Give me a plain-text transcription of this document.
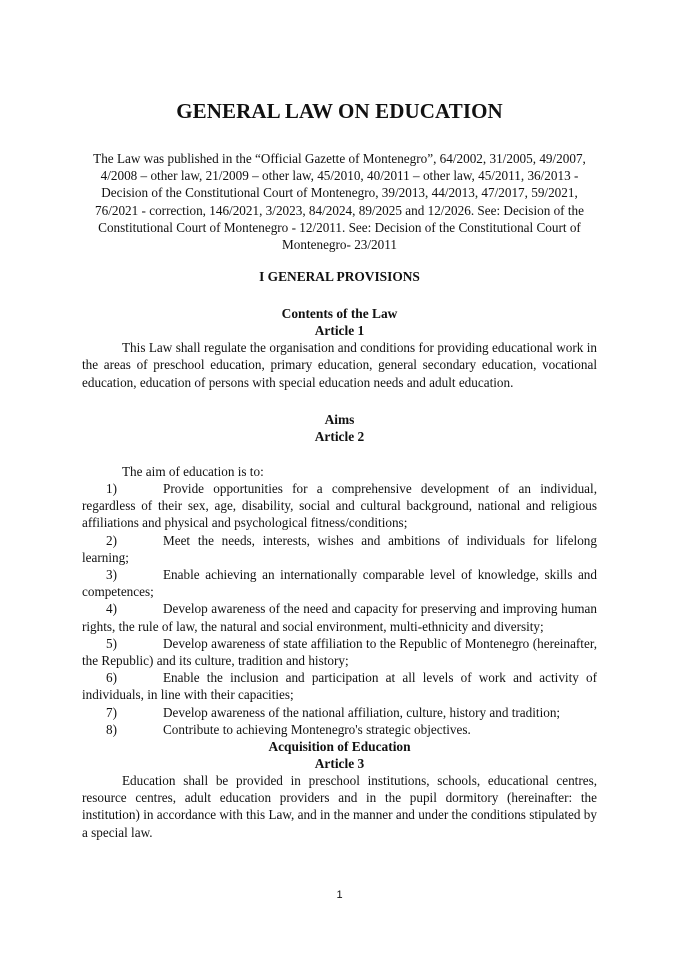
GENERAL LAW ON EDUCATION

The Law was published in the “Official Gazette of Montenegro”, 64/2002, 31/2005, 49/2007, 4/2008 – other law, 21/2009 – other law, 45/2010, 40/2011 – other law, 45/2011, 36/2013 - Decision of the Constitutional Court of Montenegro, 39/2013, 44/2013, 47/2017, 59/2021, 76/2021 - correction, 146/2021, 3/2023, 84/2024, 89/2025 and 12/2026. See: Decision of the Constitutional Court of Montenegro - 12/2011. See: Decision of the Constitutional Court of Montenegro- 23/2011

I GENERAL PROVISIONS
Contents of the Law
Article 1

This Law shall regulate the organisation and conditions for providing educational work in the areas of preschool education, primary education, general secondary education, vocational education, education of persons with special education needs and adult education.

Aims
Article 2

The aim of education is to:

1)	Provide opportunities for a comprehensive development of an individual, regardless of their sex, age, disability, social and cultural background, national and religious affiliations and physical and psychological fitness/conditions;

2)	Meet the needs, interests, wishes and ambitions of individuals for lifelong learning;

3)	Enable achieving an internationally comparable level of knowledge, skills and competences;

4)	Develop awareness of the need and capacity for preserving and improving human rights, the rule of law, the natural and social environment, multi-ethnicity and diversity;

5)	Develop awareness of state affiliation to the Republic of Montenegro (hereinafter, the Republic) and its culture, tradition and history;

6)	Enable the inclusion and participation at all levels of work and activity of individuals, in line with their capacities;

7)	Develop awareness of the national affiliation, culture, history and tradition;

8)	Contribute to achieving Montenegro's strategic objectives.

Acquisition of Education
Article 3

Education shall be provided in preschool institutions, schools, educational centres, resource centres, adult education providers and in the pupil dormitory (hereinafter: the institution) in accordance with this Law, and in the manner and under the conditions stipulated by a special law.

1
